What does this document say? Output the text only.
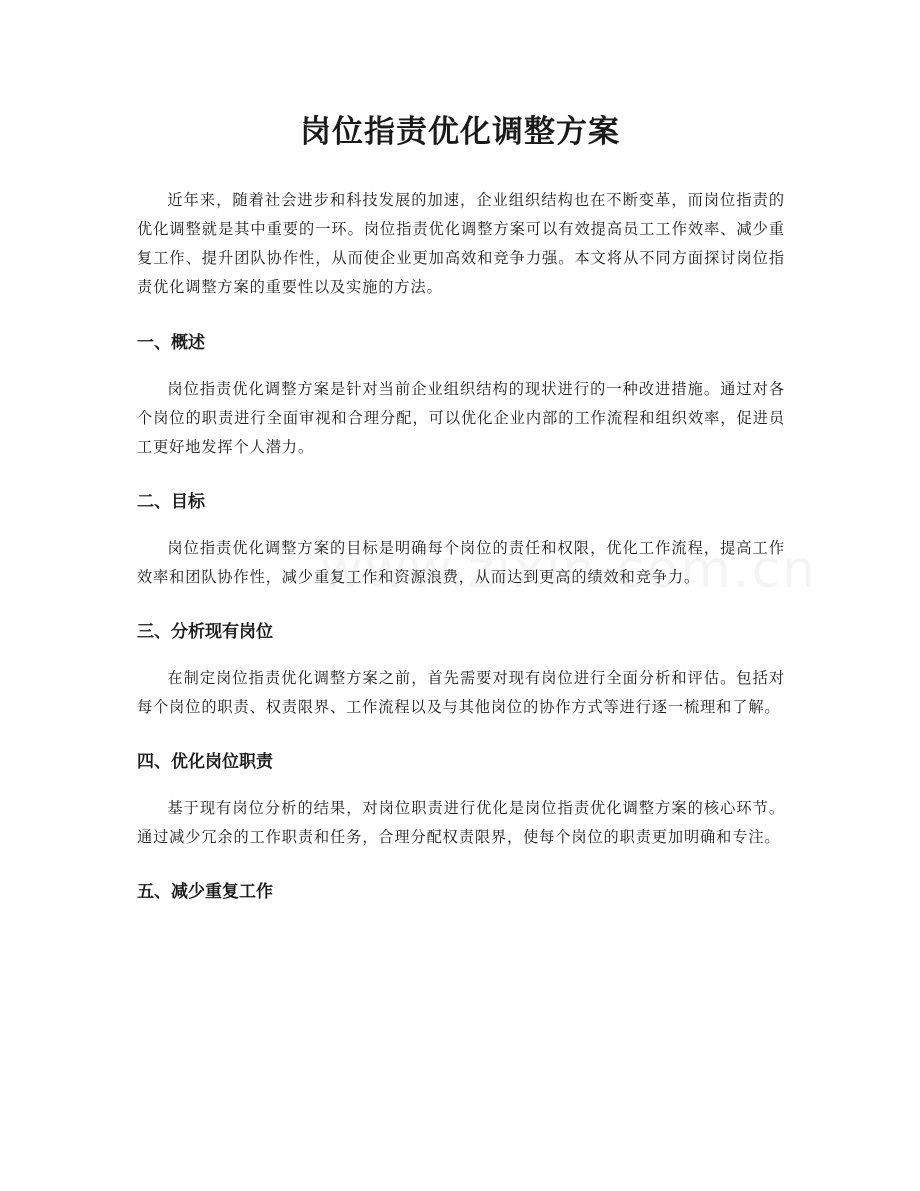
岗位指责优化调整方案

近年来，随着社会进步和科技发展的加速，企业组织结构也在不断变革，而岗位指责的优化调整就是其中重要的一环。岗位指责优化调整方案可以有效提高员工工作效率、减少重复工作、提升团队协作性，从而使企业更加高效和竞争力强。本文将从不同方面探讨岗位指责优化调整方案的重要性以及实施的方法。

一、概述

岗位指责优化调整方案是针对当前企业组织结构的现状进行的一种改进措施。通过对各个岗位的职责进行全面审视和合理分配，可以优化企业内部的工作流程和组织效率，促进员工更好地发挥个人潜力。

二、目标

岗位指责优化调整方案的目标是明确每个岗位的责任和权限，优化工作流程，提高工作效率和团队协作性，减少重复工作和资源浪费，从而达到更高的绩效和竞争力。

三、分析现有岗位

在制定岗位指责优化调整方案之前，首先需要对现有岗位进行全面分析和评估。包括对每个岗位的职责、权责限界、工作流程以及与其他岗位的协作方式等进行逐一梳理和了解。

四、优化岗位职责

基于现有岗位分析的结果，对岗位职责进行优化是岗位指责优化调整方案的核心环节。通过减少冗余的工作职责和任务，合理分配权责限界，使每个岗位的职责更加明确和专注。

五、减少重复工作
